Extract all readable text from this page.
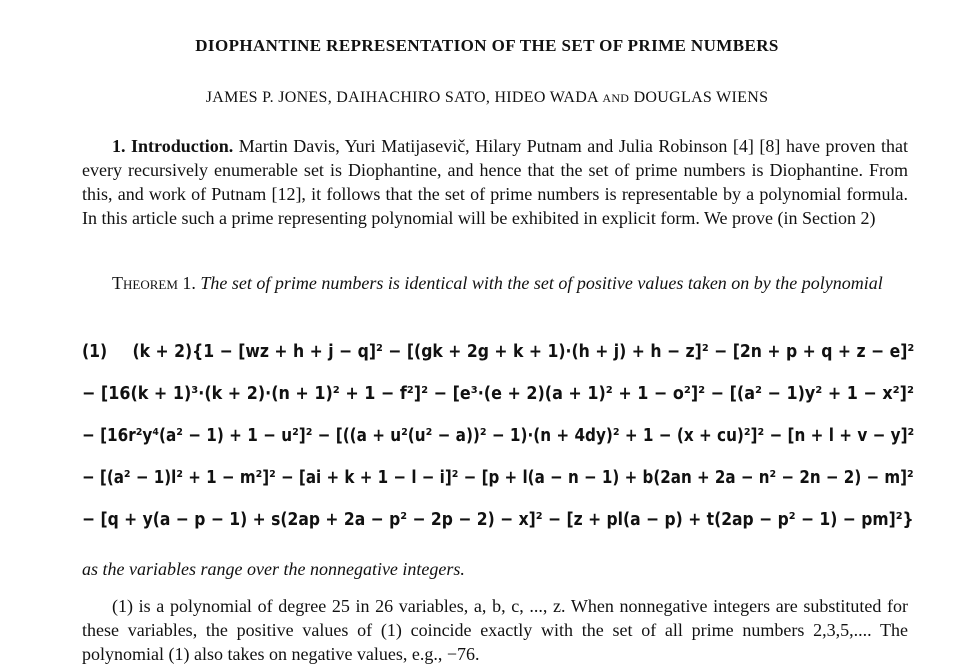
DIOPHANTINE REPRESENTATION OF THE SET OF PRIME NUMBERS
JAMES P. JONES, DAIHACHIRO SATO, HIDEO WADA AND DOUGLAS WIENS
1. Introduction. Martin Davis, Yuri Matijasevič, Hilary Putnam and Julia Robinson [4] [8] have proven that every recursively enumerable set is Diophantine, and hence that the set of prime numbers is Diophantine. From this, and work of Putnam [12], it follows that the set of prime numbers is representable by a polynomial formula. In this article such a prime representing polynomial will be exhibited in explicit form. We prove (in Section 2)
Theorem 1. The set of prime numbers is identical with the set of positive values taken on by the polynomial
(1) (k + 2){1 − [wz + h + j − q]² − [(gk + 2g + k + 1)·(h + j) + h − z]² − [2n + p + q + z − e]²
− [16(k + 1)³·(k + 2)·(n + 1)² + 1 − f²]² − [e³·(e + 2)(a + 1)² + 1 − o²]² − [(a² − 1)y² + 1 − x²]²
− [16r²y⁴(a² − 1) + 1 − u²]² − [((a + u²(u² − a))² − 1)·(n + 4dy)² + 1 − (x + cu)²]² − [n + l + v − y]²
− [(a² − 1)l² + 1 − m²]² − [ai + k + 1 − l − i]² − [p + l(a − n − 1) + b(2an + 2a − n² − 2n − 2) − m]²
− [q + y(a − p − 1) + s(2ap + 2a − p² − 2p − 2) − x]² − [z + pl(a − p) + t(2ap − p² − 1) − pm]²}
as the variables range over the nonnegative integers.
(1) is a polynomial of degree 25 in 26 variables, a, b, c, ..., z. When nonnegative integers are substituted for these variables, the positive values of (1) coincide exactly with the set of all prime numbers 2,3,5,.... The polynomial (1) also takes on negative values, e.g., −76.
